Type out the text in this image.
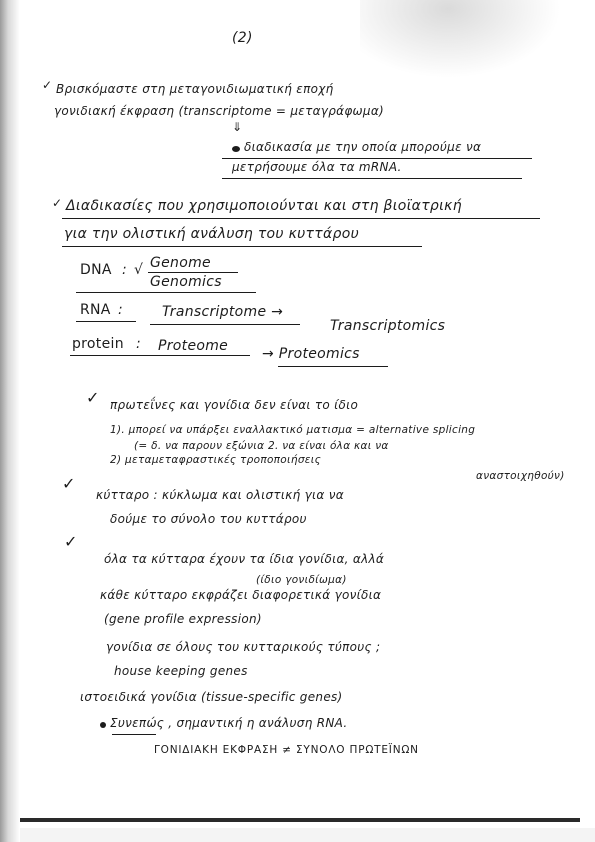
(2)
✓ Βρισκόμαστε στη μεταγονιδιωματική εποχή
γονιδιακή έκφραση (transcriptome = μεταγράφωμα)
⇓
διαδικασία με την οποία μπορούμε να
μετρήσουμε όλα τα mRNA.
✓ Διαδικασίες που χρησιμοποιούνται και στη βιοϊατρική
για την ολιστική ανάλυση του κυττάρου
DNA : √ Genome
Genomics
RNA :	Transcriptome →
Transcriptomics
protein : Proteome → Proteomics
✓ πρωτεΐνες και γονίδια δεν είναι το ίδιο
1). μπορεί να υπάρξει εναλλακτικό ματισμα = alternative splicing
(= δ. να παρουν εξώνια 2. να είναι όλα και να
2) μεταμεταφραστικές τροποποιήσεις
αναστοιχηθούν)
✓
κύτταρο : κύκλωμα και ολιστική για να
δούμε το σύνολο του κυττάρου
✓
όλα τα κύτταρα έχουν τα ίδια γονίδια, αλλά
(ίδιο γονιδίωμα)
κάθε κύτταρο εκφράζει διαφορετικά γονίδια
(gene profile expression)
γονίδια σε όλους του κυτταρικούς τύπους ;
house keeping genes
ιστοειδικά γονίδια (tissue-specific genes)
Συνεπώς , σημαντική η ανάλυση RNA.
ΓΟΝΙΔΙΑΚΗ ΕΚΦΡΑΣΗ ≠ ΣΥΝΟΛΟ ΠΡΩΤΕΪΝΩΝ
